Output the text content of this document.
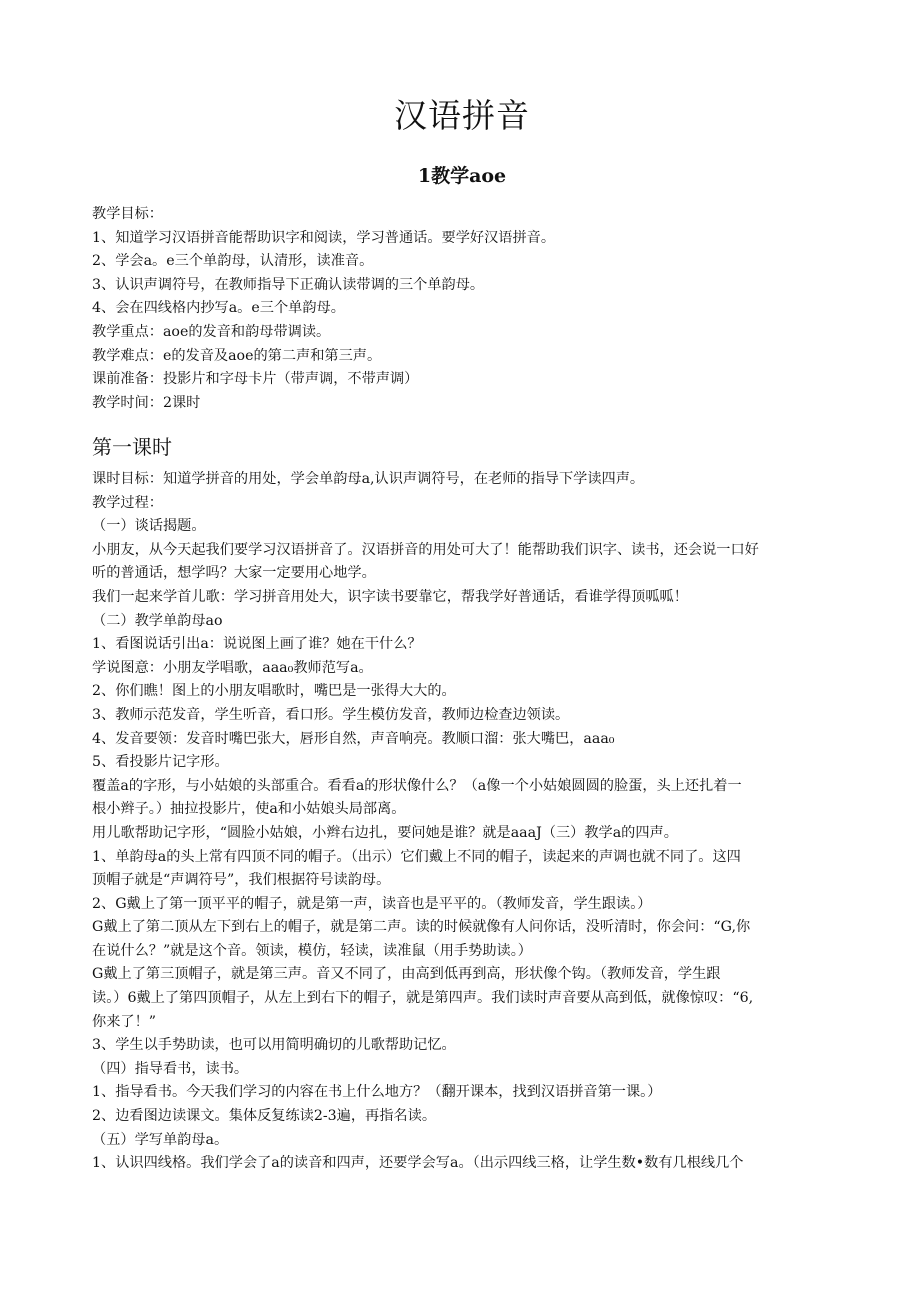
汉语拼音
1教学aoe

教学目标：

1、知道学习汉语拼音能帮助识字和阅读，学习普通话。要学好汉语拼音。

2、学会a。e三个单韵母，认清形，读准音。

3、认识声调符号，在教师指导下正确认读带调的三个单韵母。

4、会在四线格内抄写a。e三个单韵母。

教学重点：aoe的发音和韵母带调读。

教学难点：e的发音及aoe的第二声和第三声。

课前准备：投影片和字母卡片（带声调，不带声调）

教学时间：2课时

第一课时

课时目标：知道学拼音的用处，学会单韵母a,认识声调符号，在老师的指导下学读四声。

教学过程：

（一）谈话揭题。

小朋友，从今天起我们要学习汉语拼音了。汉语拼音的用处可大了！能帮助我们识字、读书，还会说一口好

听的普通话，想学吗？大家一定要用心地学。

我们一起来学首儿歌：学习拼音用处大，识字读书要靠它，帮我学好普通话，看谁学得顶呱呱！

（二）教学单韵母ao

1、看图说话引出a：说说图上画了谁？她在干什么？

学说图意：小朋友学唱歌，aaa₀教师范写a。

2、你们瞧！图上的小朋友唱歌时，嘴巴是一张得大大的。

3、教师示范发音，学生听音，看口形。学生模仿发音，教师边检查边领读。

4、发音要领：发音时嘴巴张大，唇形自然，声音响亮。教顺口溜：张大嘴巴，aaa₀

5、看投影片记字形。

覆盖a的字形，与小姑娘的头部重合。看看a的形状像什么？（a像一个小姑娘圆圆的脸蛋，头上还扎着一

根小辫子。）抽拉投影片，使a和小姑娘头局部离。

用儿歌帮助记字形，“圆脸小姑娘，小辫右边扎，要问她是谁？就是aaaJ（三）教学a的四声。

1、单韵母a的头上常有四顶不同的帽子。（出示）它们戴上不同的帽子，读起来的声调也就不同了。这四

顶帽子就是“声调符号”，我们根据符号读韵母。

2、G戴上了第一顶平平的帽子，就是第一声，读音也是平平的。（教师发音，学生跟读。）

G戴上了第二顶从左下到右上的帽子，就是第二声。读的时候就像有人问你话，没听清时，你会问：“G,你

在说什么？”就是这个音。领读，模仿，轻读，读准鼠（用手势助读。）

G戴上了第三顶帽子，就是第三声。音又不同了，由高到低再到高，形状像个钩。（教师发音，学生跟

读。）6戴上了第四顶帽子，从左上到右下的帽子，就是第四声。我们读时声音要从高到低，就像惊叹：“6,

你来了！”

3、学生以手势助读，也可以用简明确切的儿歌帮助记忆。

（四）指导看书，读书。

1、指导看书。今天我们学习的内容在书上什么地方？（翻开课本，找到汉语拼音第一课。）

2、边看图边读课文。集体反复练读2-3遍，再指名读。

（五）学写单韵母a。

1、认识四线格。我们学会了a的读音和四声，还要学会写a。（出示四线三格，让学生数•数有几根线几个
